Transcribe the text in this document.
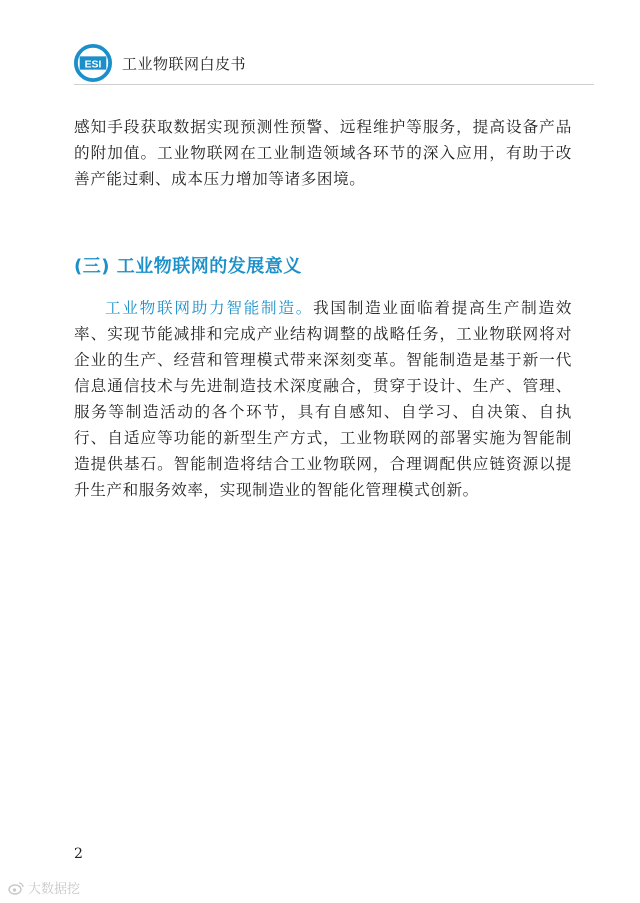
ESI 工业物联网白皮书

感知手段获取数据实现预测性预警、远程维护等服务，提高设备产品的附加值。工业物联网在工业制造领域各环节的深入应用，有助于改善产能过剩、成本压力增加等诸多困境。

(三) 工业物联网的发展意义

工业物联网助力智能制造。我国制造业面临着提高生产制造效率、实现节能减排和完成产业结构调整的战略任务，工业物联网将对企业的生产、经营和管理模式带来深刻变革。智能制造是基于新一代信息通信技术与先进制造技术深度融合，贯穿于设计、生产、管理、服务等制造活动的各个环节，具有自感知、自学习、自决策、自执行、自适应等功能的新型生产方式，工业物联网的部署实施为智能制造提供基石。智能制造将结合工业物联网，合理调配供应链资源以提升生产和服务效率，实现制造业的智能化管理模式创新。

2
大数据挖
